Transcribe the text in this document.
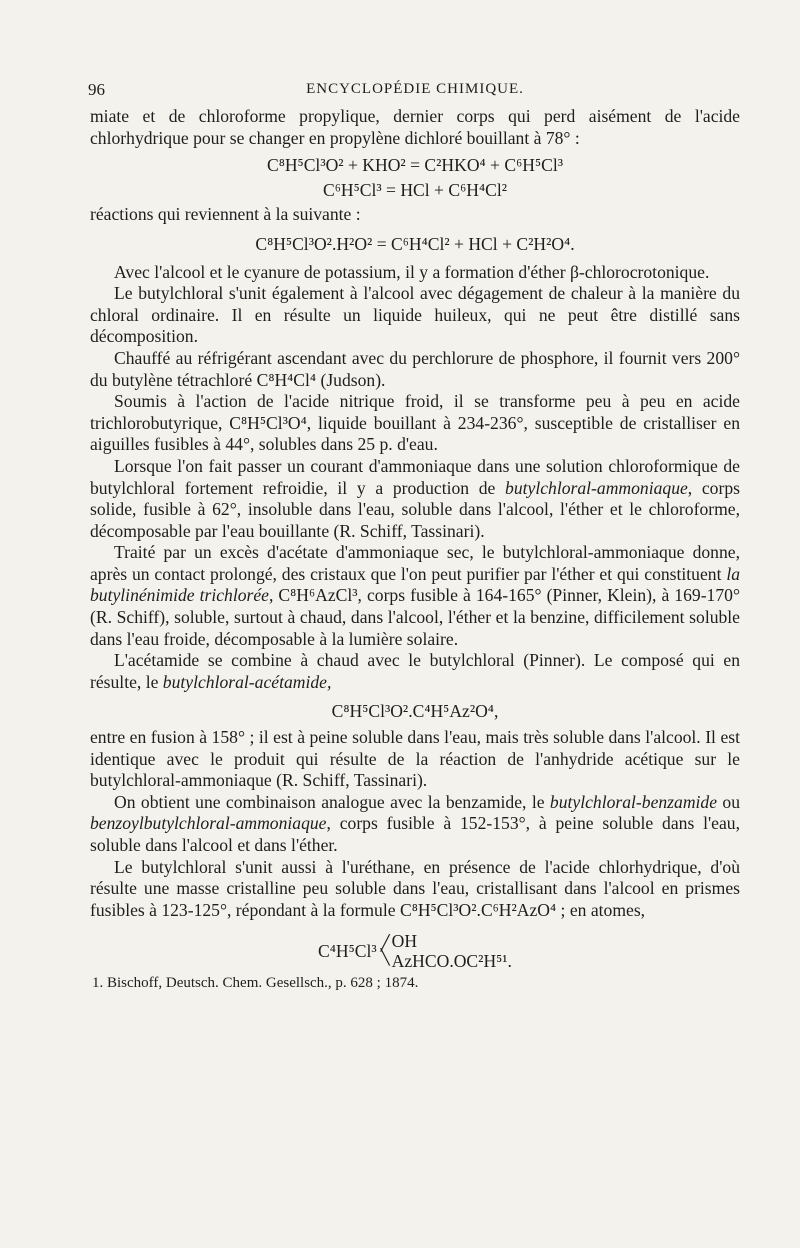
96	ENCYCLOPÉDIE CHIMIQUE.

miate et de chloroforme propylique, dernier corps qui perd aisément de l'acide chlorhydrique pour se changer en propylène dichloré bouillant à 78° :

C⁸H⁵Cl³O² + KHO² = C²HKO⁴ + C⁶H⁵Cl³
C⁶H⁵Cl³ = HCl + C⁶H⁴Cl²

réactions qui reviennent à la suivante :

C⁸H⁵Cl³O².H²O² = C⁶H⁴Cl² + HCl + C²H²O⁴.

Avec l'alcool et le cyanure de potassium, il y a formation d'éther β-chlorocrotonique.

Le butylchloral s'unit également à l'alcool avec dégagement de chaleur à la manière du chloral ordinaire. Il en résulte un liquide huileux, qui ne peut être distillé sans décomposition.

Chauffé au réfrigérant ascendant avec du perchlorure de phosphore, il fournit vers 200° du butylène tétrachloré C⁸H⁴Cl⁴ (Judson).

Soumis à l'action de l'acide nitrique froid, il se transforme peu à peu en acide trichlorobutyrique, C⁸H⁵Cl³O⁴, liquide bouillant à 234-236°, susceptible de cristalliser en aiguilles fusibles à 44°, solubles dans 25 p. d'eau.

Lorsque l'on fait passer un courant d'ammoniaque dans une solution chloroformique de butylchloral fortement refroidie, il y a production de butylchloral-ammoniaque, corps solide, fusible à 62°, insoluble dans l'eau, soluble dans l'alcool, l'éther et le chloroforme, décomposable par l'eau bouillante (R. Schiff, Tassinari).

Traité par un excès d'acétate d'ammoniaque sec, le butylchloral-ammoniaque donne, après un contact prolongé, des cristaux que l'on peut purifier par l'éther et qui constituent la butylinénimide trichlorée, C⁸H⁶AzCl³, corps fusible à 164-165° (Pinner, Klein), à 169-170° (R. Schiff), soluble, surtout à chaud, dans l'alcool, l'éther et la benzine, difficilement soluble dans l'eau froide, décomposable à la lumière solaire.

L'acétamide se combine à chaud avec le butylchloral (Pinner). Le composé qui en résulte, le butylchloral-acétamide,

C⁸H⁵Cl³O².C⁴H⁵Az²O⁴,

entre en fusion à 158° ; il est à peine soluble dans l'eau, mais très soluble dans l'alcool. Il est identique avec le produit qui résulte de la réaction de l'anhydride acétique sur le butylchloral-ammoniaque (R. Schiff, Tassinari).

On obtient une combinaison analogue avec la benzamide, le butylchloral-benzamide ou benzoylbutylchloral-ammoniaque, corps fusible à 152-153°, à peine soluble dans l'eau, soluble dans l'alcool et dans l'éther.

Le butylchloral s'unit aussi à l'uréthane, en présence de l'acide chlorhydrique, d'où résulte une masse cristalline peu soluble dans l'eau, cristallisant dans l'alcool en prismes fusibles à 123-125°, répondant à la formule C⁸H⁵Cl³O².C⁶H²AzO⁴ ; en atomes,

C⁴H⁵Cl³ ╱
╲
OH
AzHCO.OC²H⁵¹.
1. Bischoff, Deutsch. Chem. Gesellsch., p. 628 ; 1874.
